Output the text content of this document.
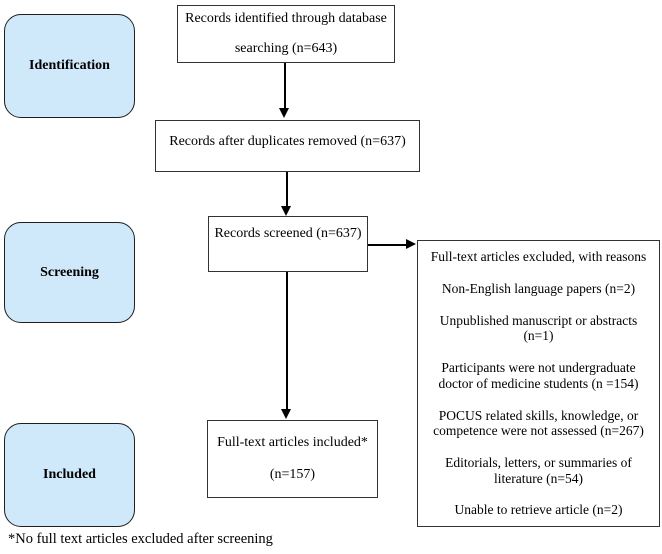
Identification
Screening
Included
Records identified through database
searching (n=643)
Records after duplicates removed (n=637)
Records screened (n=637)
Full-text articles included*
(n=157)

Full-text articles excluded, with reasons

Non-English language papers (n=2)

Unpublished manuscript or abstracts (n=1)

Participants were not undergraduate doctor of medicine students (n =154)

POCUS related skills, knowledge, or competence were not assessed (n=267)

Editorials, letters, or summaries of literature (n=54)

Unable to retrieve article (n=2)

*No full text articles excluded after screening
